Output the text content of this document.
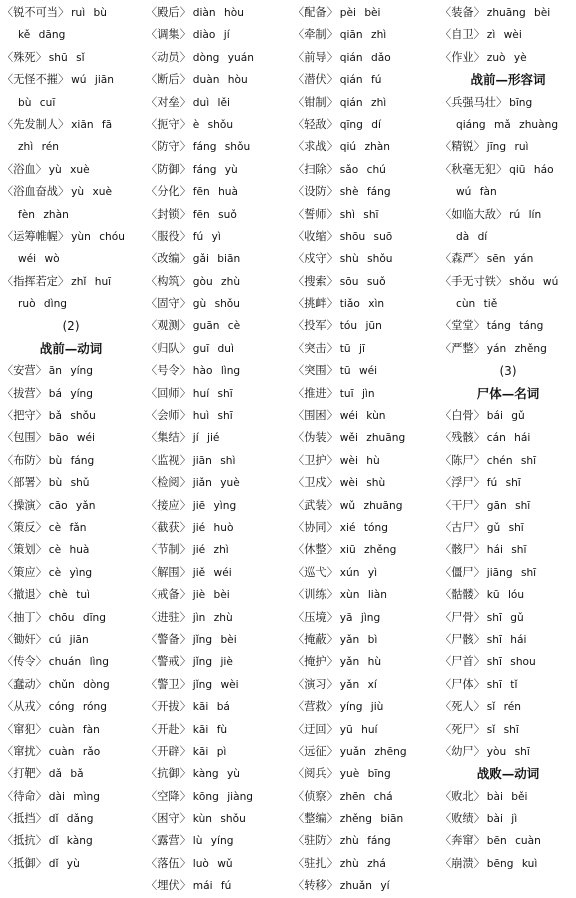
〈锐不可当〉 ruì bù
kě dāng
〈殊死〉 shū sǐ
〈无怪不摧〉 wú jiān
bù cuī
〈先发制人〉 xiān fā
zhì rén
〈浴血〉 yù xuè
〈浴血奋战〉 yù xuè
fèn zhàn
〈运筹帷幄〉 yùn chóu
wéi wò
〈指挥若定〉 zhǐ huī
ruò dìng
(2)
战前—动词
〈安营〉 ān yíng
〈拔营〉 bá yíng
〈把守〉 bǎ shǒu
〈包围〉 bāo wéi
〈布防〉 bù fáng
〈部署〉 bù shǔ
〈操演〉 cāo yǎn
〈策反〉 cè fǎn
〈策划〉 cè huà
〈策应〉 cè yìng
〈撤退〉 chè tuì
〈抽丁〉 chōu dīng
〈锄奸〉 cú jiān
〈传令〉 chuán lìng
〈蠢动〉 chǔn dòng
〈从戎〉 cóng róng
〈窜犯〉 cuàn fàn
〈窜扰〉 cuàn rǎo
〈打靶〉 dǎ bǎ
〈待命〉 dài mìng
〈抵挡〉 dǐ dǎng
〈抵抗〉 dǐ kàng
〈抵御〉 dǐ yù
〈殿后〉 diàn hòu
〈调集〉 diào jí
〈动员〉 dòng yuán
〈断后〉 duàn hòu
〈对垒〉 duì lěi
〈扼守〉 è shǒu
〈防守〉 fáng shǒu
〈防御〉 fáng yù
〈分化〉 fēn huà
〈封锁〉 fēn suǒ
〈服役〉 fú yì
〈改编〉 gǎi biān
〈构筑〉 gòu zhù
〈固守〉 gù shǒu
〈观测〉 guān cè
〈归队〉 guī duì
〈号令〉 hào lìng
〈回师〉 huí shī
〈会师〉 huì shī
〈集结〉 jí jié
〈监视〉 jiān shì
〈检阅〉 jiǎn yuè
〈接应〉 jiē yìng
〈截获〉 jié huò
〈节制〉 jié zhì
〈解围〉 jiě wéi
〈戒备〉 jiè bèi
〈进驻〉 jìn zhù
〈警备〉 jǐng bèi
〈警戒〉 jǐng jiè
〈警卫〉 jǐng wèi
〈开拔〉 kāi bá
〈开赴〉 kāi fù
〈开辟〉 kāi pì
〈抗御〉 kàng yù
〈空降〉 kōng jiàng
〈困守〉 kùn shǒu
〈露营〉 lù yíng
〈落伍〉 luò wǔ
〈埋伏〉 mái fú
〈配备〉 pèi bèi
〈牵制〉 qiān zhì
〈前导〉 qián dǎo
〈潜伏〉 qián fú
〈钳制〉 qián zhì
〈轻敌〉 qīng dí
〈求战〉 qiú zhàn
〈扫除〉 sǎo chú
〈设防〉 shè fáng
〈誓师〉 shì shī
〈收缩〉 shōu suō
〈戍守〉 shù shǒu
〈搜索〉 sōu suǒ
〈挑衅〉 tiǎo xìn
〈投军〉 tóu jūn
〈突击〉 tū jī
〈突围〉 tū wéi
〈推进〉 tuī jìn
〈围困〉 wéi kùn
〈伪装〉 wěi zhuāng
〈卫护〉 wèi hù
〈卫戍〉 wèi shù
〈武装〉 wǔ zhuāng
〈协同〉 xié tóng
〈休整〉 xiū zhěng
〈巡弋〉 xún yì
〈训练〉 xùn liàn
〈压境〉 yā jìng
〈掩蔽〉 yǎn bì
〈掩护〉 yǎn hù
〈演习〉 yǎn xí
〈营救〉 yíng jiù
〈迂回〉 yū huí
〈远征〉 yuǎn zhēng
〈阅兵〉 yuè bīng
〈侦察〉 zhēn chá
〈整编〉 zhěng biān
〈驻防〉 zhù fáng
〈驻扎〉 zhù zhá
〈转移〉 zhuǎn yí
〈装备〉 zhuāng bèi
〈自卫〉 zì wèi
〈作业〉 zuò yè
战前—形容词
〈兵强马壮〉 bīng
qiáng mǎ zhuàng
〈精锐〉 jīng ruì
〈秋毫无犯〉 qiū háo
wú fàn
〈如临大敌〉 rú lín
dà dí
〈森严〉 sēn yán
〈手无寸铁〉 shǒu wú
cùn tiě
〈堂堂〉 táng táng
〈严整〉 yán zhěng
(3)
尸体—名词
〈白骨〉 bái gǔ
〈残骸〉 cán hái
〈陈尸〉 chén shī
〈浮尸〉 fú shī
〈干尸〉 gān shī
〈古尸〉 gǔ shī
〈骸尸〉 hái shī
〈僵尸〉 jiāng shī
〈骷髅〉 kū lóu
〈尸骨〉 shī gǔ
〈尸骸〉 shī hái
〈尸首〉 shī shou
〈尸体〉 shī tǐ
〈死人〉 sǐ rén
〈死尸〉 sǐ shī
〈幼尸〉 yòu shī
战败—动词
〈败北〉 bài běi
〈败绩〉 bài jì
〈奔窜〉 bēn cuàn
〈崩溃〉 bēng kuì
